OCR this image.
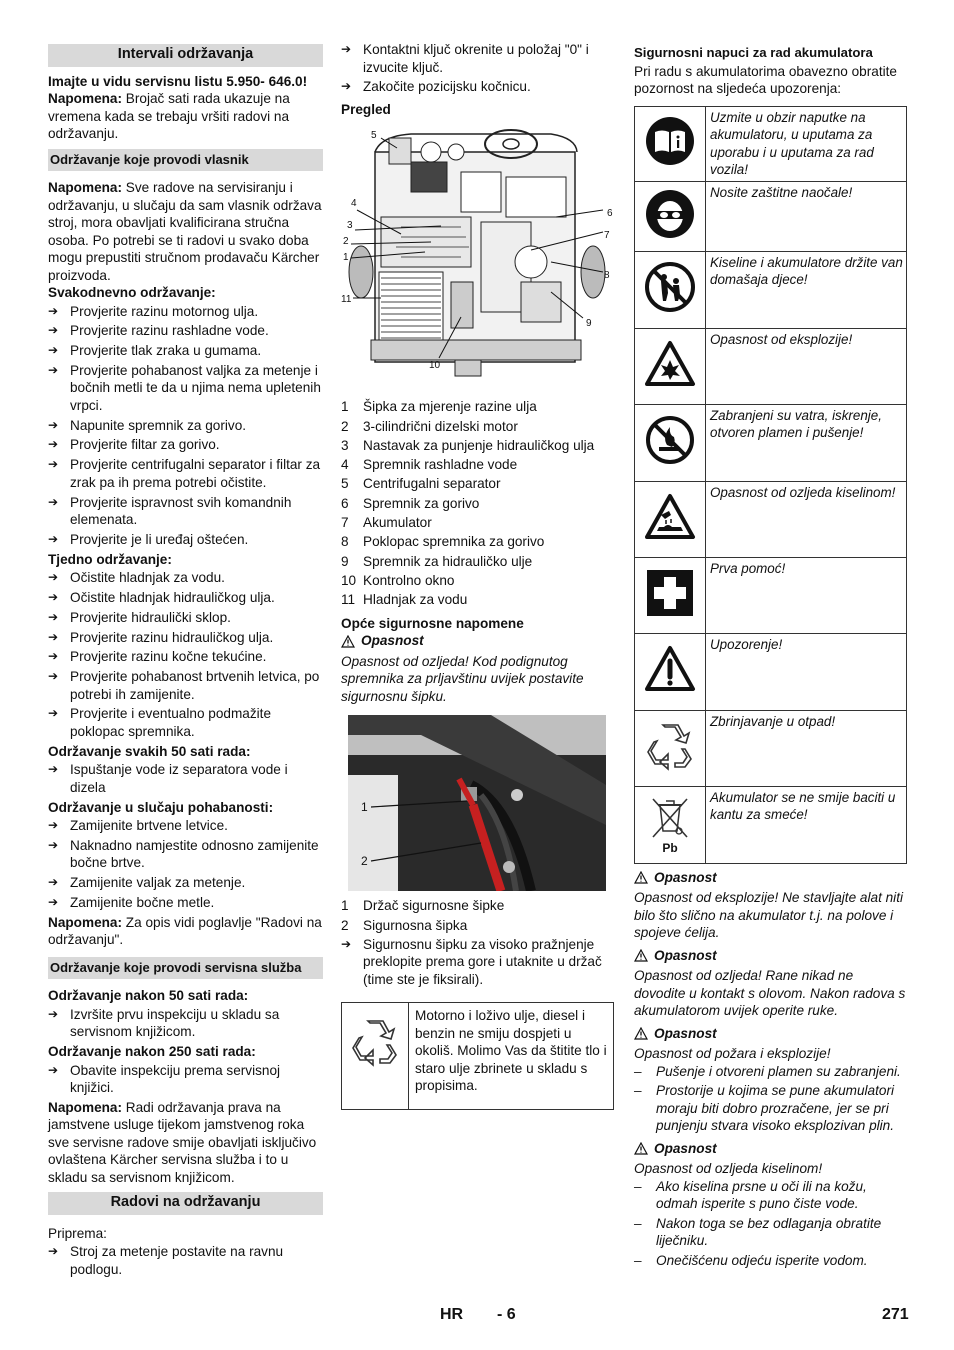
Intervali održavanja

Imajte u vidu servisnu listu 5.950- 646.0!

Napomena: Brojač sati rada ukazuje na vremena kada se trebaju vršiti radovi na održavanju.

Održavanje koje provodi vlasnik

Napomena: Sve radove na servisiranju i održavanju, u slučaju da sam vlasnik održava stroj, mora obavljati kvalificirana stručna osoba. Po potrebi se ti radovi u svako doba mogu prepustiti stručnom prodavaču Kärcher proizvoda.

Svakodnevno održavanje:

➔ Provjerite razinu motornog ulja.
➔ Provjerite razinu rashladne vode.
➔ Provjerite tlak zraka u gumama.
➔ Provjerite pohabanost valjka za metenje i bočnih metli te da u njima nema upletenih vrpci.
➔ Napunite spremnik za gorivo.
➔ Provjerite filtar za gorivo.
➔ Provjerite centrifugalni separator i filtar za zrak pa ih prema potrebi očistite.
➔ Provjerite ispravnost svih komandnih elemenata.
➔ Provjerite je li uređaj oštećen.

Tjedno održavanje:

➔ Očistite hladnjak za vodu.
➔ Očistite hladnjak hidrauličkog ulja.
➔ Provjerite hidraulički sklop.
➔ Provjerite razinu hidrauličkog ulja.
➔ Provjerite razinu kočne tekućine.
➔ Provjerite pohabanost brtvenih letvica, po potrebi ih zamijenite.
➔ Provjerite i eventualno podmažite poklopac spremnika.

Održavanje svakih 50 sati rada:

➔ Ispuštanje vode iz separatora vode i dizela

Održavanje u slučaju pohabanosti:

➔ Zamijenite brtvene letvice.
➔ Naknadno namjestite odnosno zamijenite bočne brtve.
➔ Zamijenite valjak za metenje.
➔ Zamijenite bočne metle.

Napomena: Za opis vidi poglavlje "Radovi na održavanju".

Održavanje koje provodi servisna služba

Održavanje nakon 50 sati rada:

➔ Izvršite prvu inspekciju u skladu sa servisnom knjižicom.

Održavanje nakon 250 sati rada:

➔ Obavite inspekciju prema servisnoj knjižici.

Napomena: Radi održavanja prava na jamstvene usluge tijekom jamstvenog roka sve servisne radove smije obavljati isključivo ovlaštena Kärcher servisna služba i to u skladu sa servisnom knjižicom.

Radovi na održavanju

Priprema:

➔ Stroj za metenje postavite na ravnu podlogu.
➔ Kontaktni ključ okrenite u položaj "0" i izvucite ključ.
➔ Zakočite pozicijsku kočnicu.

Pregled

5
4
3
2
1
11
10
9
8
7
6
1	Šipka za mjerenje razine ulja
2	3-cilindrični dizelski motor
3	Nastavak za punjenje hidrauličkog ulja
4	Spremnik rashladne vode
5	Centrifugalni separator
6	Spremnik za gorivo
7	Akumulator
8	Poklopac spremnika za gorivo
9	Spremnik za hidrauličko ulje
10 Kontrolno okno
11 Hladnjak za vodu

Opće sigurnosne napomene

Opasnost

Opasnost od ozljeda! Kod podignutog spremnika za prljavštinu uvijek postavite sigurnosnu šipku.

1
2
1	Držač sigurnosne šipke
2	Sigurnosna šipka
➔ Sigurnosnu šipku za visoko pražnjenje preklopite prema gore i utaknite u držač (time ste je fiksirali).
Motorno i loživo ulje, diesel i benzin ne smiju dospjeti u okoliš. Molimo Vas da štitite tlo i staro ulje zbrinete u skladu s propisima.

Sigurnosni napuci za rad akumulatora

Pri radu s akumulatorima obavezno obratite pozornost na sljedeća upozorenja:

	Uzmite u obzir naputke na akumulatoru, u uputama za uporabu i u uputama za rad vozila!
	Nosite zaštitne naočale!
	Kiseline i akumulatore držite van domašaja djece!
	Opasnost od eksplozije!
	Zabranjeni su vatra, iskrenje, otvoren plamen i pušenje!
	Opasnost od ozljeda kiselinom!
	Prva pomoć!
	Upozorenje!
	Zbrinjavanje u otpad!

Pb	Akumulator se ne smije baciti u kantu za smeće!
Opasnost

Opasnost od eksplozije! Ne stavljajte alat niti bilo što slično na akumulator t.j. na polove i spojeve ćelija.

Opasnost

Opasnost od ozljeda! Rane nikad ne dovodite u kontakt s olovom. Nakon radova s akumulatorom uvijek operite ruke.

Opasnost

Opasnost od požara i eksplozije!

– Pušenje i otvoreni plamen su zabranjeni.
– Prostorije u kojima se pune akumulatori moraju biti dobro prozračene, jer se pri punjenju stvara visoko eksplozivan plin.
Opasnost

Opasnost od ozljeda kiselinom!

– Ako kiselina prsne u oči ili na kožu, odmah isperite s puno čiste vode.
– Nakon toga se bez odlaganja obratite liječniku.
– Onečišćenu odjeću isperite vodom.
HR - 6	271
